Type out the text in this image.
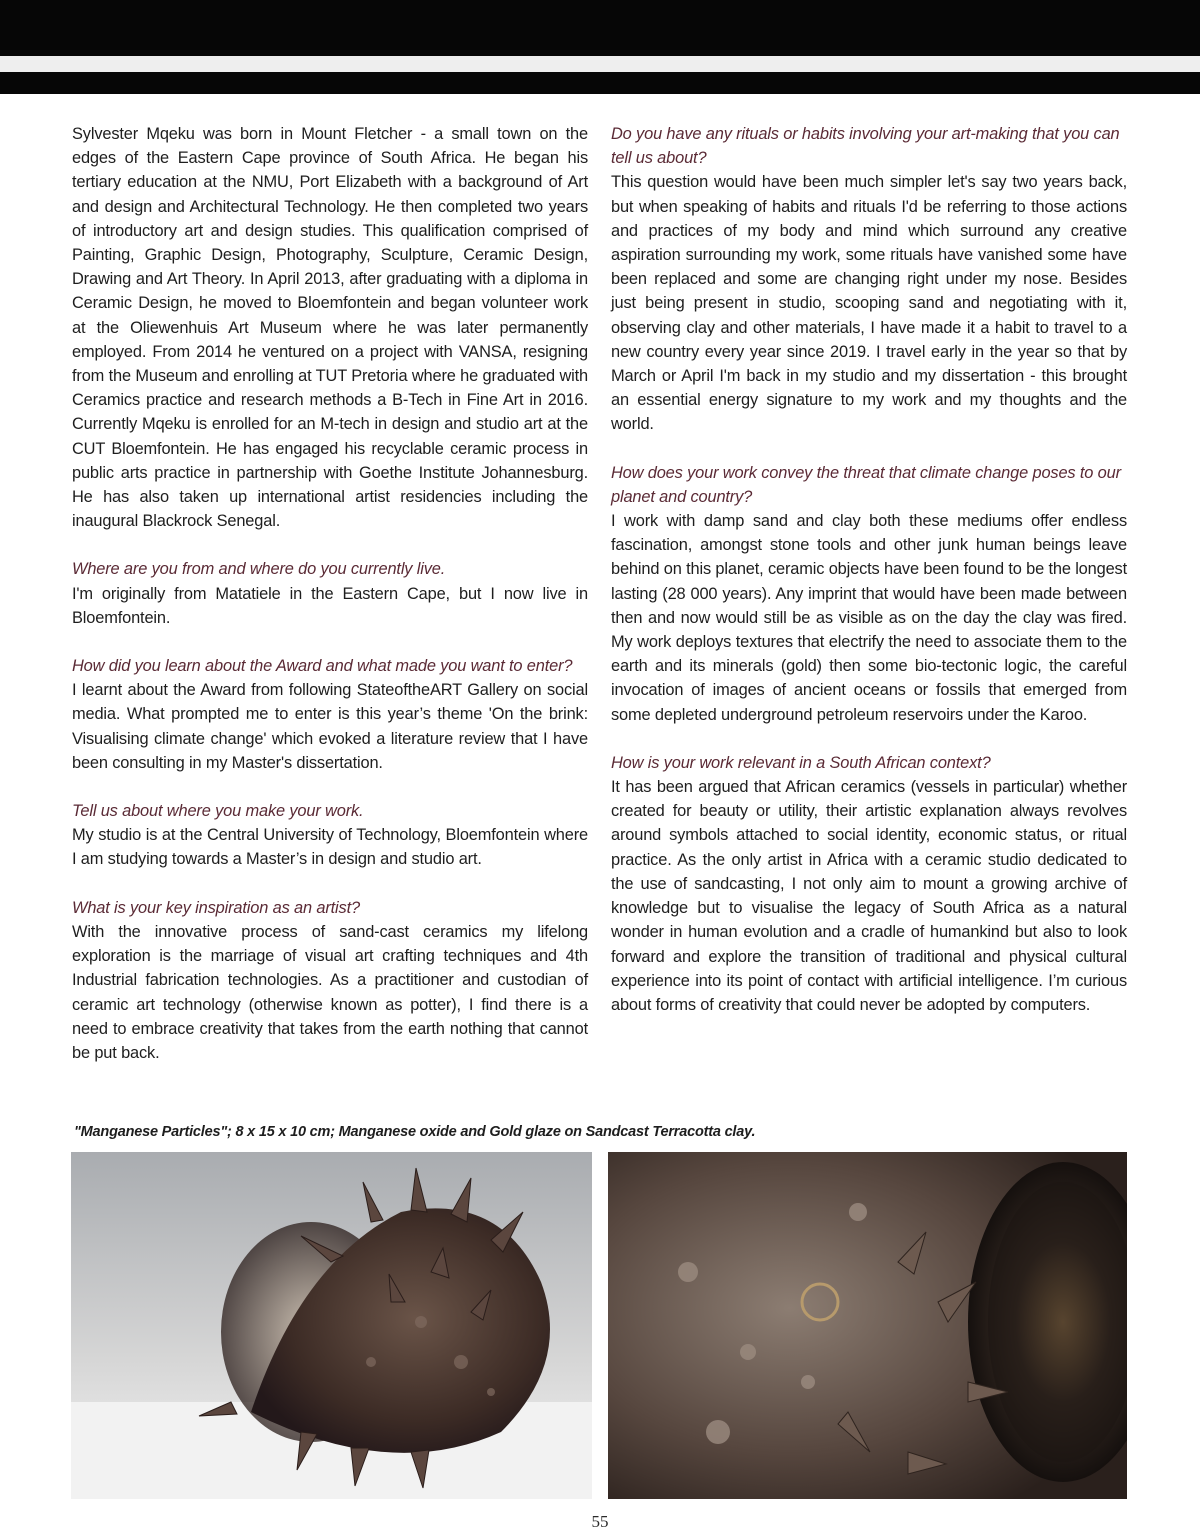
Sylvester Mqeku was born in Mount Fletcher - a small town on the edges of the Eastern Cape province of South Africa. He began his tertiary education at the NMU, Port Elizabeth with a background of Art and design and Architectural Technology. He then completed two years of introductory art and design studies. This qualification comprised of Painting, Graphic Design, Photography, Sculpture, Ceramic Design, Drawing and Art Theory. In April 2013, after graduating with a diploma in Ceramic Design, he moved to Bloemfontein and began volunteer work at the Oliewenhuis Art Museum where he was later permanently employed. From 2014 he ventured on a project with VANSA, resigning from the Museum and enrolling at TUT Pretoria where he graduated with Ceramics practice and research methods a B-Tech in Fine Art in 2016. Currently Mqeku is enrolled for an M-tech in design and studio art at the CUT Bloemfontein. He has engaged his recyclable ceramic process in public arts practice in partnership with Goethe Institute Johannesburg. He has also taken up international artist residencies including the inaugural Blackrock Senegal.

Where are you from and where do you currently live.

I'm originally from Matatiele in the Eastern Cape, but I now live in Bloemfontein.

How did you learn about the Award and what made you want to enter?

I learnt about the Award from following StateoftheART Gallery on social media. What prompted me to enter is this year’s theme 'On the brink: Visualising climate change' which evoked a literature review that I have been consulting in my Master's dissertation.

Tell us about where you make your work.

My studio is at the Central University of Technology, Bloemfontein where I am studying towards a Master’s in design and studio art.

What is your key inspiration as an artist?

With the innovative process of sand-cast ceramics my lifelong exploration is the marriage of visual art crafting techniques and 4th Industrial fabrication technologies. As a practitioner and custodian of ceramic art technology (otherwise known as potter), I find there is a need to embrace creativity that takes from the earth nothing that cannot be put back.

Do you have any rituals or habits involving your art-making that you can tell us about?

This question would have been much simpler let's say two years back, but when speaking of habits and rituals I'd be referring to those actions and practices of my body and mind which surround any creative aspiration surrounding my work, some rituals have vanished some have been replaced and some are changing right under my nose. Besides just being present in studio, scooping sand and negotiating with it, observing clay and other materials, I have made it a habit to travel to a new country every year since 2019. I travel early in the year so that by March or April I'm back in my studio and my dissertation - this brought an essential energy signature to my work and my thoughts and the world.

How does your work convey the threat that climate change poses to our planet and country?

I work with damp sand and clay both these mediums offer endless fascination, amongst stone tools and other junk human beings leave behind on this planet, ceramic objects have been found to be the longest lasting (28 000 years). Any imprint that would have been made between then and now would still be as visible as on the day the clay was fired. My work deploys textures that electrify the need to associate them to the earth and its minerals (gold) then some bio-tectonic logic, the careful invocation of images of ancient oceans or fossils that emerged from some depleted underground petroleum reservoirs under the Karoo.

How is your work relevant in a South African context?

It has been argued that African ceramics (vessels in particular) whether created for beauty or utility, their artistic explanation always revolves around symbols attached to social identity, economic status, or ritual practice. As the only artist in Africa with a ceramic studio dedicated to the use of sandcasting, I not only aim to mount a growing archive of knowledge but to visualise the legacy of South Africa as a natural wonder in human evolution and a cradle of humankind but also to look forward and explore the transition of traditional and physical cultural experience into its point of contact with artificial intelligence. I’m curious about forms of creativity that could never be adopted by computers.

"Manganese Particles"; 8 x 15 x 10 cm; Manganese oxide and Gold glaze on Sandcast Terracotta clay.
55
